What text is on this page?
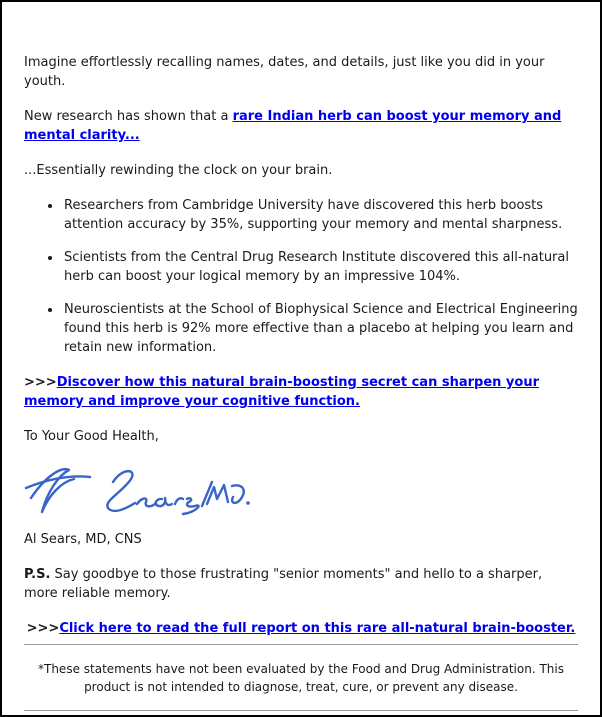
Imagine effortlessly recalling names, dates, and details, just like you did in your youth.

New research has shown that a rare Indian herb can boost your memory and mental clarity...

...Essentially rewinding the clock on your brain.

• Researchers from Cambridge University have discovered this herb boosts attention accuracy by 35%, supporting your memory and mental sharpness.
• Scientists from the Central Drug Research Institute discovered this all-natural herb can boost your logical memory by an impressive 104%.
• Neuroscientists at the School of Biophysical Science and Electrical Engineering found this herb is 92% more effective than a placebo at helping you learn and retain new information.

>>>Discover how this natural brain-boosting secret can sharpen your memory and improve your cognitive function.

To Your Good Health,

Al Sears, MD, CNS

P.S. Say goodbye to those frustrating "senior moments" and hello to a sharper, more reliable memory.

>>>Click here to read the full report on this rare all-natural brain-booster.

*These statements have not been evaluated by the Food and Drug Administration. This product is not intended to diagnose, treat, cure, or prevent any disease.
